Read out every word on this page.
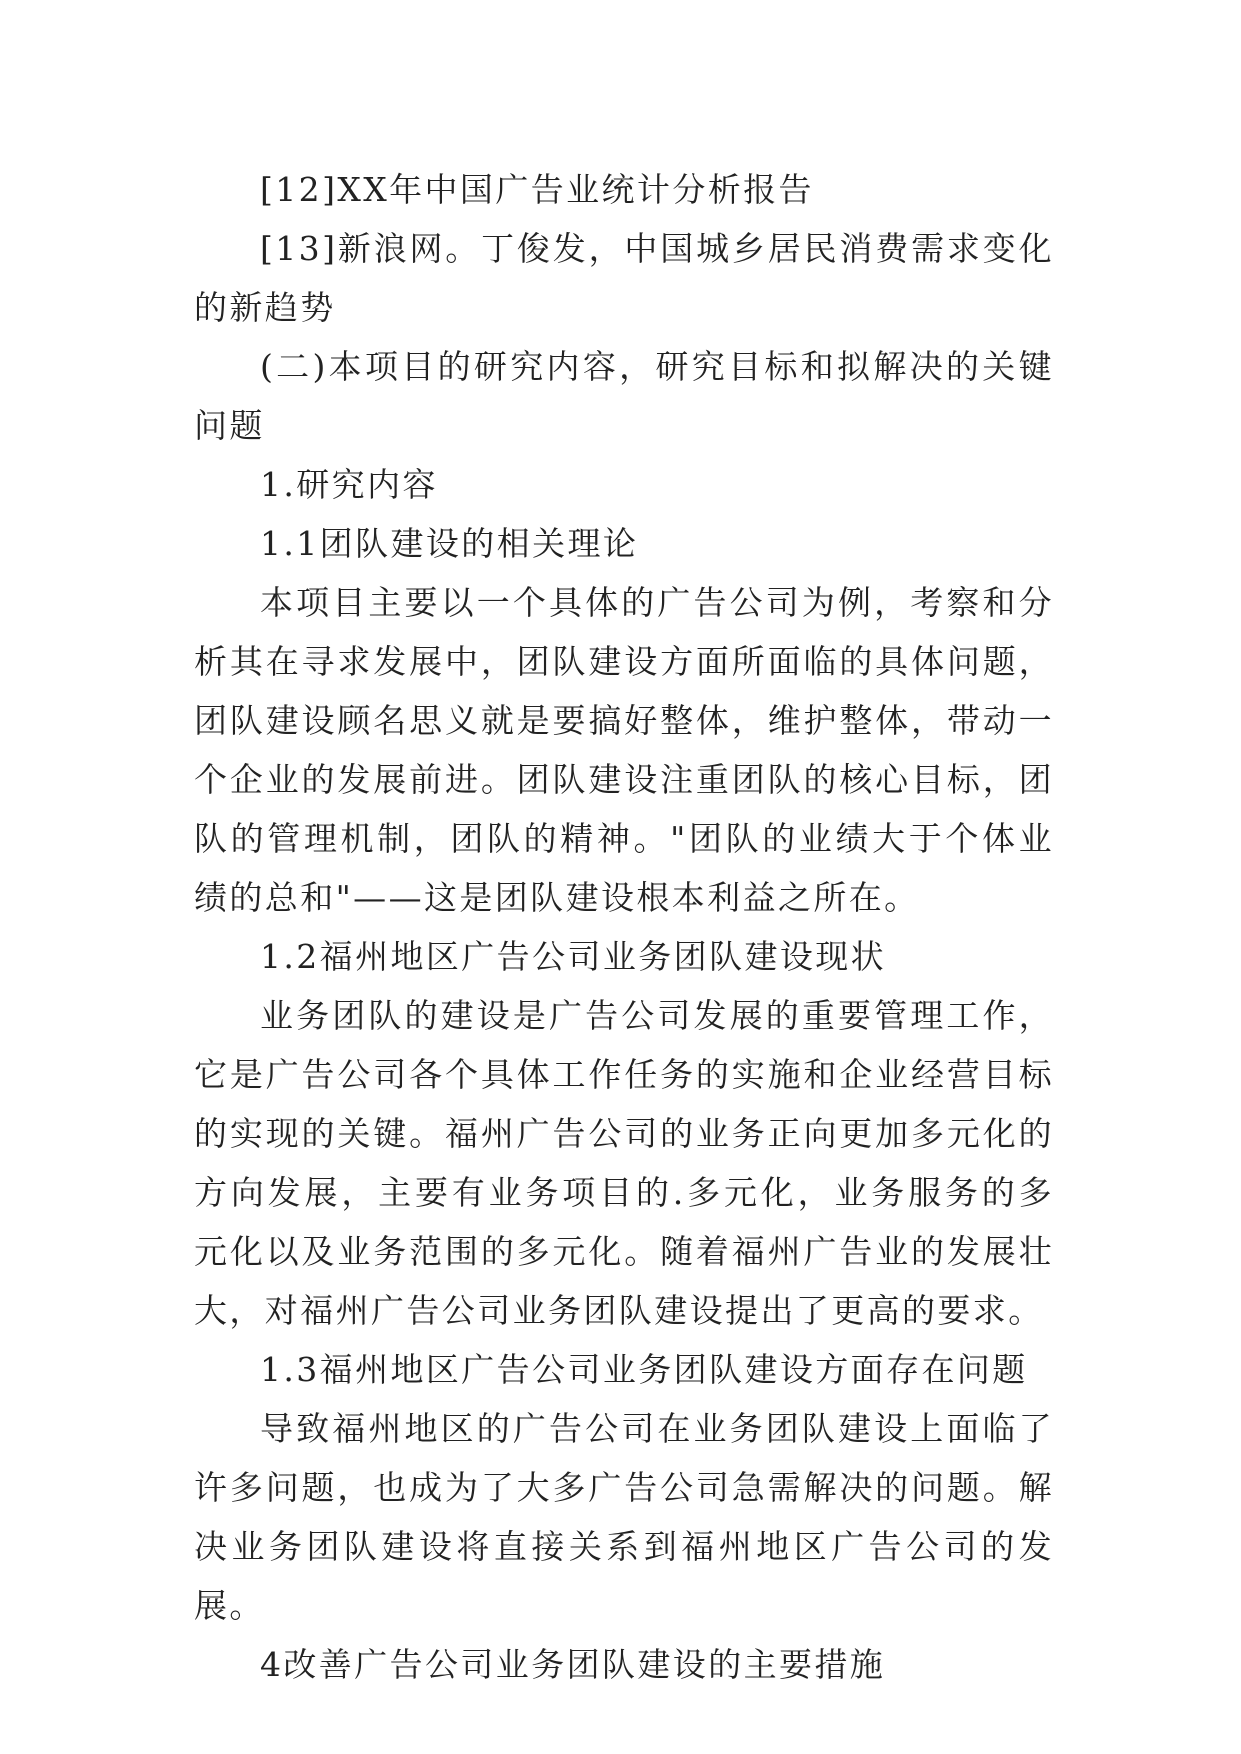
[12]XX年中国广告业统计分析报告

[13]新浪网。丁俊发，中国城乡居民消费需求变化的新趋势

(二)本项目的研究内容，研究目标和拟解决的关键问题

1.研究内容

1.1团队建设的相关理论

本项目主要以一个具体的广告公司为例，考察和分析其在寻求发展中，团队建设方面所面临的具体问题，团队建设顾名思义就是要搞好整体，维护整体，带动一个企业的发展前进。团队建设注重团队的核心目标，团队的管理机制，团队的精神。"团队的业绩大于个体业绩的总和"——这是团队建设根本利益之所在。

1.2福州地区广告公司业务团队建设现状

业务团队的建设是广告公司发展的重要管理工作，它是广告公司各个具体工作任务的实施和企业经营目标的实现的关键。福州广告公司的业务正向更加多元化的方向发展，主要有业务项目的.多元化，业务服务的多元化以及业务范围的多元化。随着福州广告业的发展壮大，对福州广告公司业务团队建设提出了更高的要求。

1.3福州地区广告公司业务团队建设方面存在问题

导致福州地区的广告公司在业务团队建设上面临了许多问题，也成为了大多广告公司急需解决的问题。解决业务团队建设将直接关系到福州地区广告公司的发展。

4改善广告公司业务团队建设的主要措施
